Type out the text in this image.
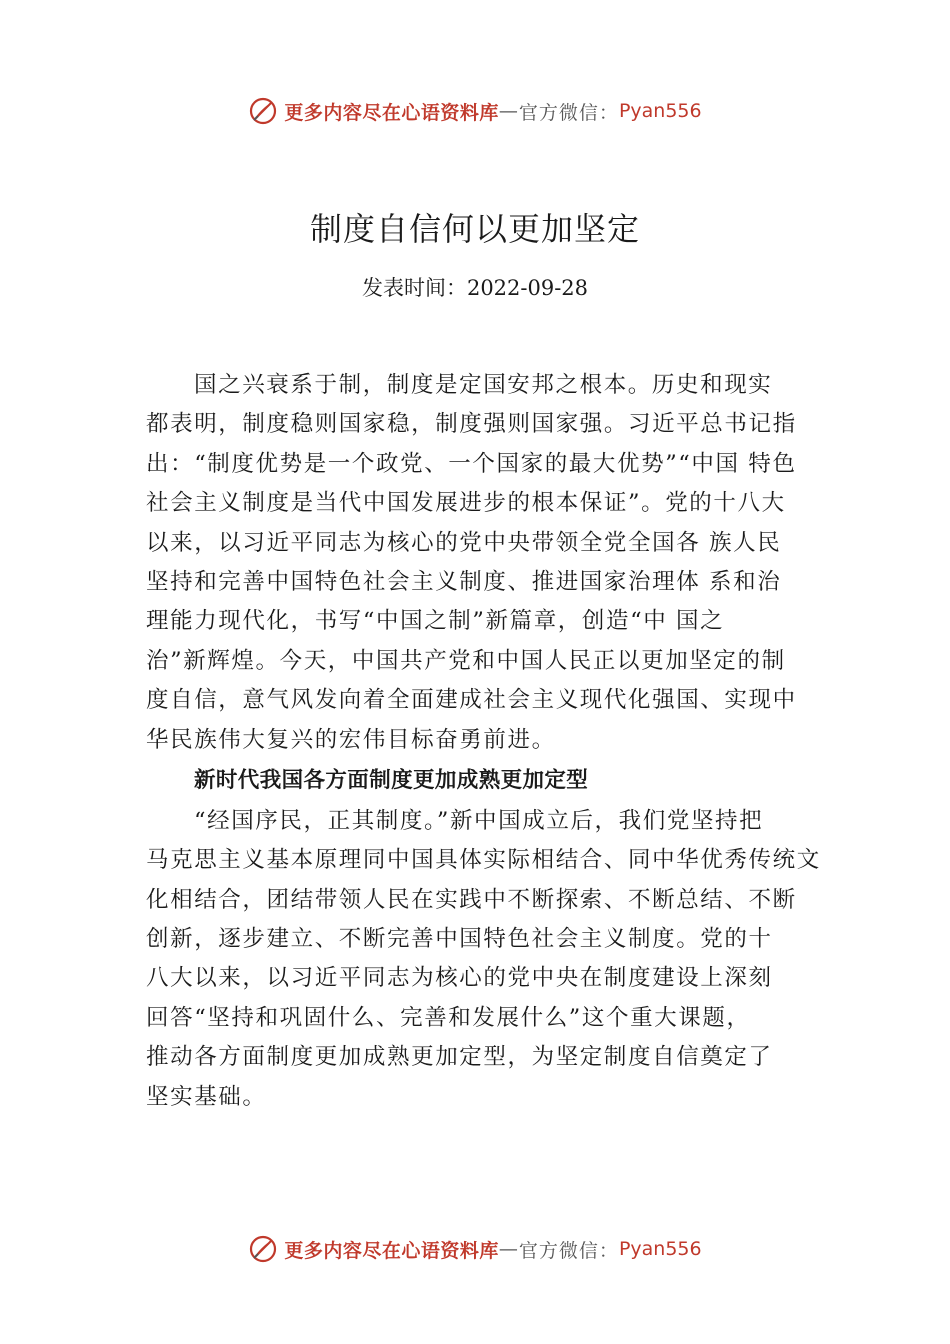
更多内容尽在心语资料库 — 官方微信： Pyan556
制度自信何以更加坚定
发表时间：2022-09-28
国之兴衰系于制，制度是定国安邦之根本。历史和现实
都表明，制度稳则国家稳，制度强则国家强。习近平总书记指
出：“制度优势是一个政党、一个国家的最大优势”“中国 特色
社会主义制度是当代中国发展进步的根本保证”。党的十八大
以来，以习近平同志为核心的党中央带领全党全国各 族人民
坚持和完善中国特色社会主义制度、推进国家治理体 系和治
理能力现代化，书写“中国之制”新篇章，创造“中 国之
治”新辉煌。今天，中国共产党和中国人民正以更加坚定的制
度自信，意气风发向着全面建成社会主义现代化强国、实现中
华民族伟大复兴的宏伟目标奋勇前进。
新时代我国各方面制度更加成熟更加定型
“经国序民，正其制度。”新中国成立后，我们党坚持把
马克思主义基本原理同中国具体实际相结合、同中华优秀传统文
化相结合，团结带领人民在实践中不断探索、不断总结、不断
创新，逐步建立、不断完善中国特色社会主义制度。党的十
八大以来，以习近平同志为核心的党中央在制度建设上深刻
回答“坚持和巩固什么、完善和发展什么”这个重大课题，
推动各方面制度更加成熟更加定型，为坚定制度自信奠定了
坚实基础。
更多内容尽在心语资料库 — 官方微信： Pyan556
